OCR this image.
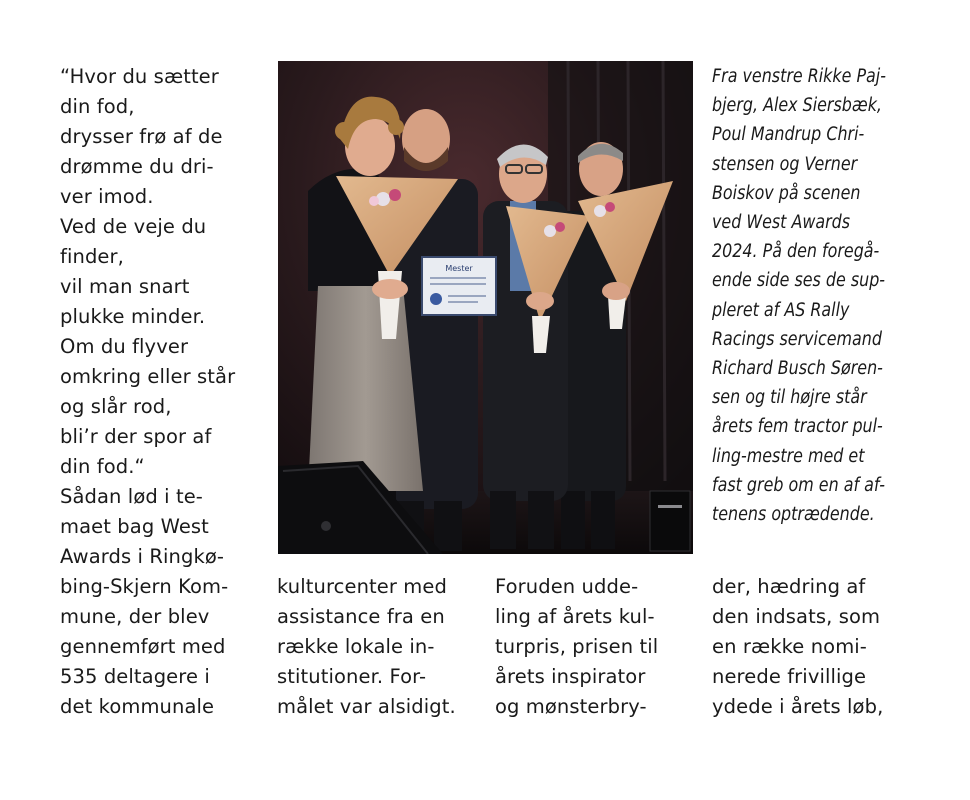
“Hvor du sætter
din fod,
drysser frø af de
drømme du dri-
ver imod.
Ved de veje du
finder,
vil man snart
plukke minder.
Om du flyver
omkring eller står
og slår rod,
bli’r der spor af
din fod.“
Sådan lød i te-
maet bag West
Awards i Ringkø-
bing-Skjern Kom-
mune, der blev
gennemført med
535 deltagere i
det kommunale
Mester
Fra venstre Rikke Paj-
bjerg, Alex Siersbæk,
Poul Mandrup Chri-
stensen og Verner
Boiskov på scenen
ved West Awards
2024. På den foregå-
ende side ses de sup-
pleret af AS Rally
Racings servicemand
Richard Busch Søren-
sen og til højre står
årets fem tractor pul-
ling-mestre med et
fast greb om en af af-
tenens optrædende.
kulturcenter med
assistance fra en
række lokale in-
stitutioner. For-
målet var alsidigt.
Foruden udde-
ling af årets kul-
turpris, prisen til
årets inspirator
og mønsterbry-
der, hædring af
den indsats, som
en række nomi-
nerede frivillige
ydede i årets løb,
